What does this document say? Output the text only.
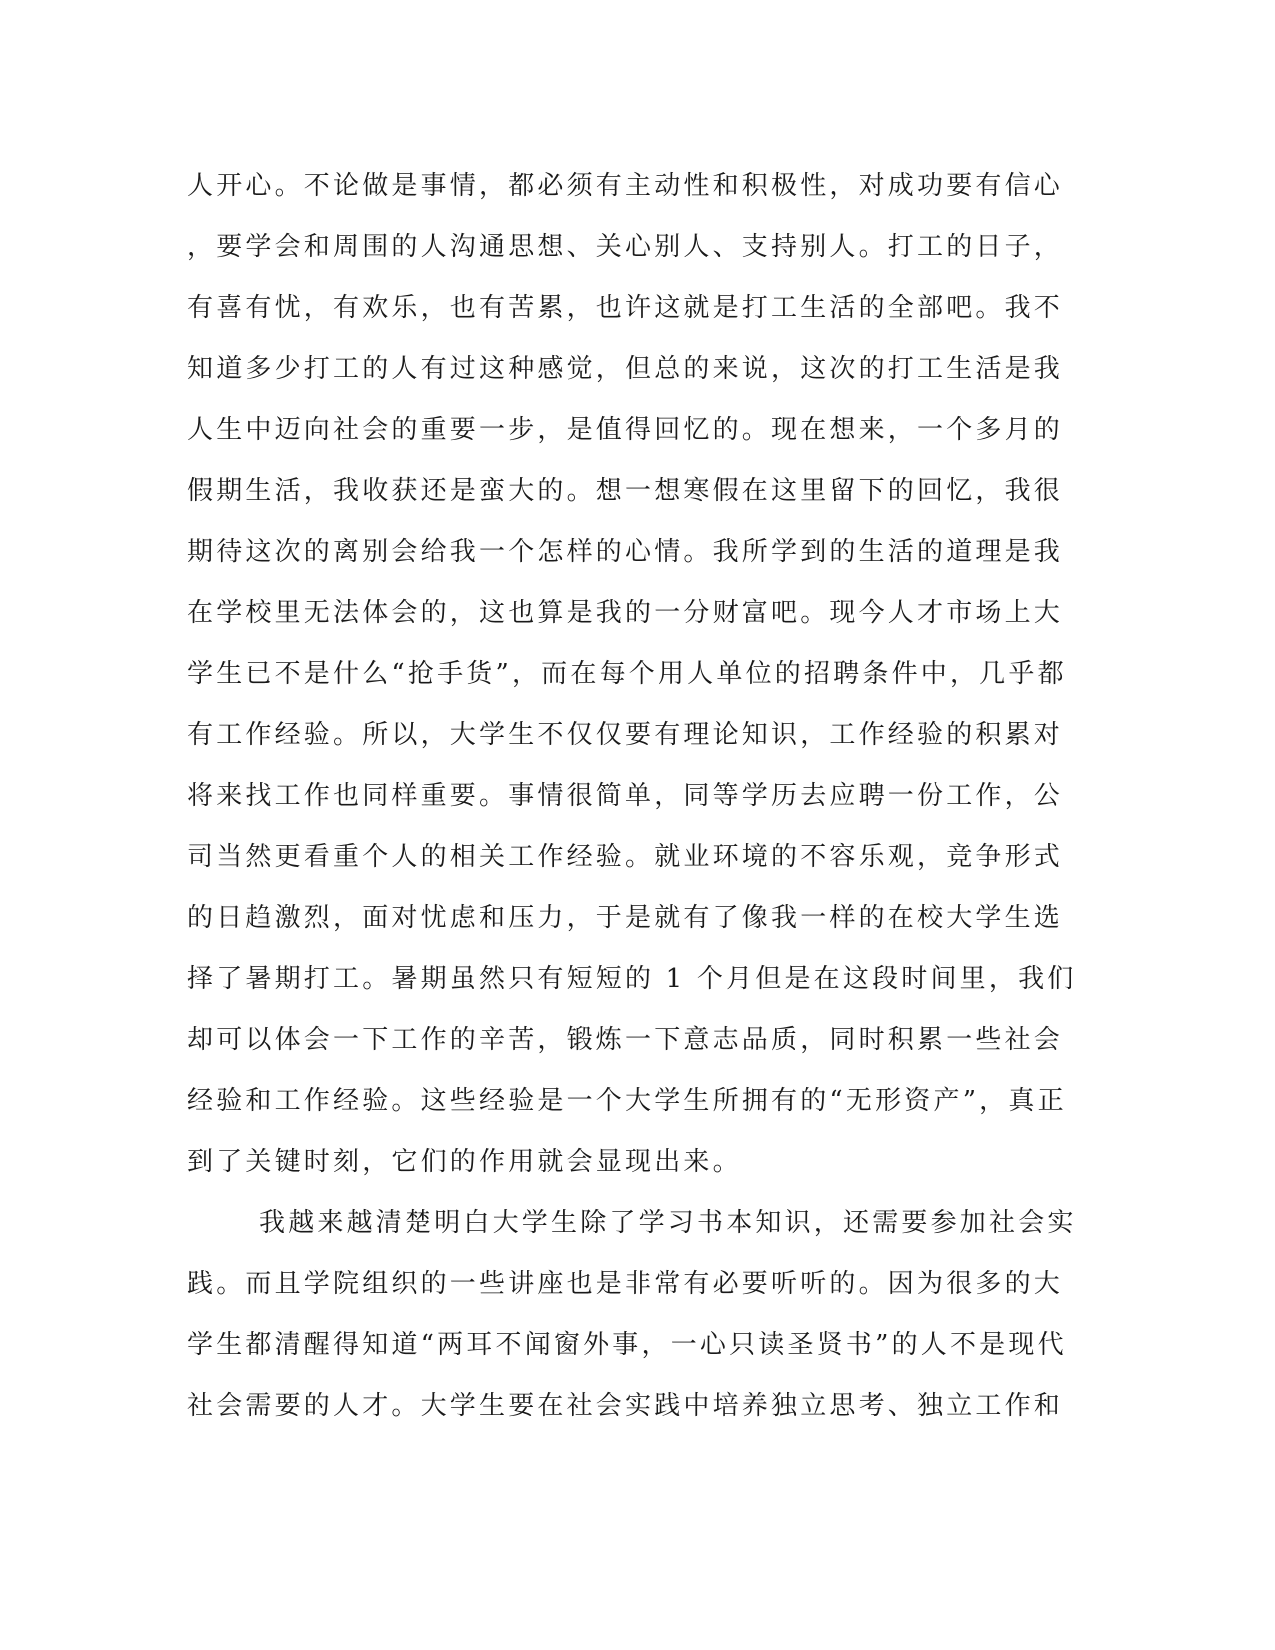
人开心。不论做是事情，都必须有主动性和积极性，对成功要有信心
，要学会和周围的人沟通思想、关心别人、支持别人。打工的日子，
有喜有忧，有欢乐，也有苦累，也许这就是打工生活的全部吧。我不
知道多少打工的人有过这种感觉，但总的来说，这次的打工生活是我
人生中迈向社会的重要一步，是值得回忆的。现在想来，一个多月的
假期生活，我收获还是蛮大的。想一想寒假在这里留下的回忆，我很
期待这次的离别会给我一个怎样的心情。我所学到的生活的道理是我
在学校里无法体会的，这也算是我的一分财富吧。现今人才市场上大
学生已不是什么“抢手货”，而在每个用人单位的招聘条件中，几乎都
有工作经验。所以，大学生不仅仅要有理论知识，工作经验的积累对
将来找工作也同样重要。事情很简单，同等学历去应聘一份工作，公
司当然更看重个人的相关工作经验。就业环境的不容乐观，竞争形式
的日趋激烈，面对忧虑和压力，于是就有了像我一样的在校大学生选
择了暑期打工。暑期虽然只有短短的 1 个月但是在这段时间里，我们
却可以体会一下工作的辛苦，锻炼一下意志品质，同时积累一些社会
经验和工作经验。这些经验是一个大学生所拥有的“无形资产”，真正
到了关键时刻，它们的作用就会显现出来。
我越来越清楚明白大学生除了学习书本知识，还需要参加社会实
践。而且学院组织的一些讲座也是非常有必要听听的。因为很多的大
学生都清醒得知道“两耳不闻窗外事，一心只读圣贤书”的人不是现代
社会需要的人才。大学生要在社会实践中培养独立思考、独立工作和
